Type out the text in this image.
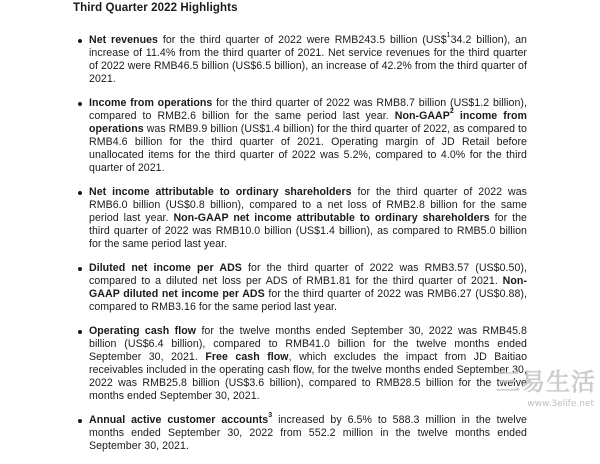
Third Quarter 2022 Highlights
Net revenues for the third quarter of 2022 were RMB243.5 billion (US\$$^1$34.2 billion), an increase of 11.4% from the third quarter of 2021. Net service revenues for the third quarter of 2022 were RMB46.5 billion (US$6.5 billion), an increase of 42.2% from the third quarter of 2021.
Income from operations for the third quarter of 2022 was RMB8.7 billion (US$1.2 billion), compared to RMB2.6 billion for the same period last year. Non-GAAP$^2$ income from operations was RMB9.9 billion (US$1.4 billion) for the third quarter of 2022, as compared to RMB4.6 billion for the third quarter of 2021. Operating margin of JD Retail before unallocated items for the third quarter of 2022 was 5.2%, compared to 4.0% for the third quarter of 2021.
Net income attributable to ordinary shareholders for the third quarter of 2022 was RMB6.0 billion (US$0.8 billion), compared to a net loss of RMB2.8 billion for the same period last year. Non-GAAP net income attributable to ordinary shareholders for the third quarter of 2022 was RMB10.0 billion (US$1.4 billion), as compared to RMB5.0 billion for the same period last year.
Diluted net income per ADS for the third quarter of 2022 was RMB3.57 (US$0.50), compared to a diluted net loss per ADS of RMB1.81 for the third quarter of 2021. Non-GAAP diluted net income per ADS for the third quarter of 2022 was RMB6.27 (US$0.88), compared to RMB3.16 for the same period last year.
Operating cash flow for the twelve months ended September 30, 2022 was RMB45.8 billion (US$6.4 billion), compared to RMB41.0 billion for the twelve months ended September 30, 2021. Free cash flow, which excludes the impact from JD Baitiao receivables included in the operating cash flow, for the twelve months ended September 30, 2022 was RMB25.8 billion (US$3.6 billion), compared to RMB28.5 billion for the twelve months ended September 30, 2021.
Annual active customer accounts$^3$ increased by 6.5% to 588.3 million in the twelve months ended September 30, 2022 from 552.2 million in the twelve months ended September 30, 2021.
三易生活
www.3elife.net
